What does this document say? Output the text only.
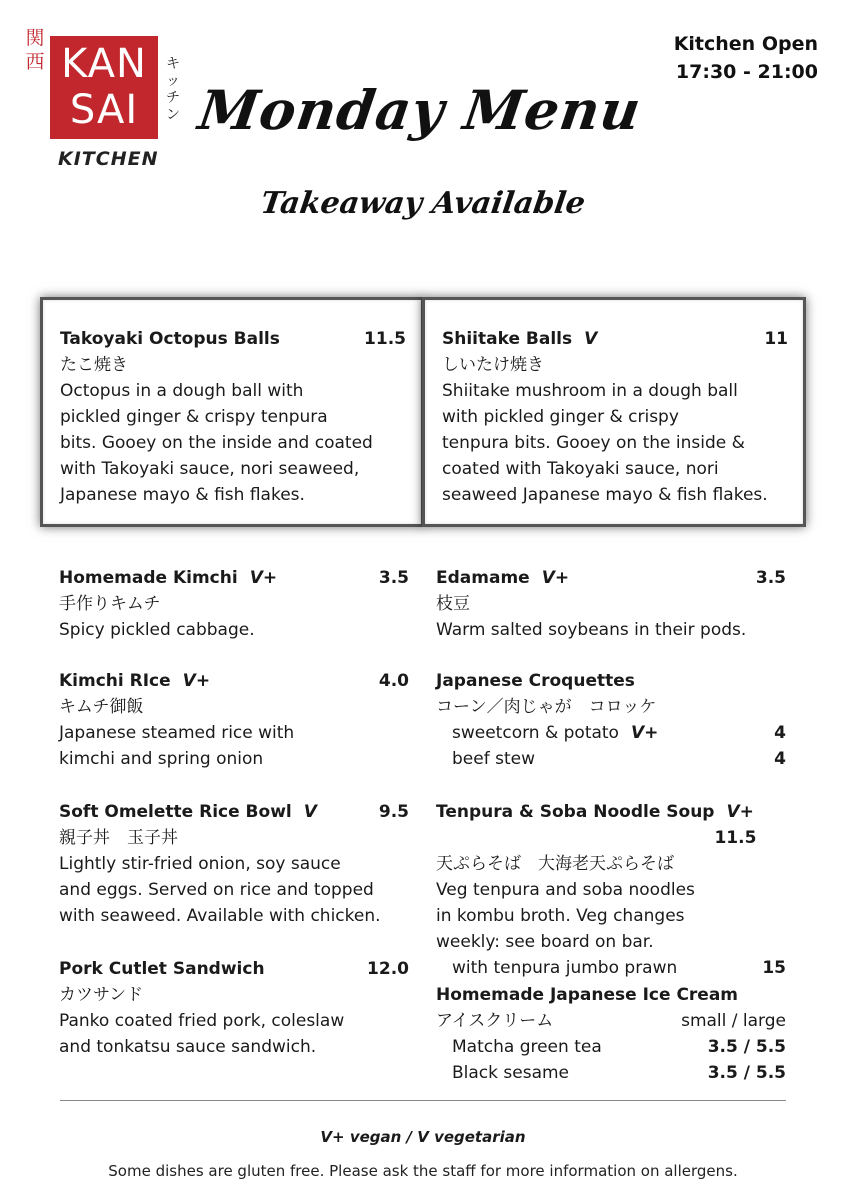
関
西 KAN
SAI
キ
ッ
チ
ン
KITCHEN
Monday Menu
Takeaway Available
Kitchen Open
17:30 - 21:00
Takoyaki Octopus Balls	11.5
たこ焼き
Octopus in a dough ball with
pickled ginger & crispy tenpura
bits. Gooey on the inside and coated
with Takoyaki sauce, nori seaweed,
Japanese mayo & fish flakes.
Shiitake Balls V	11
しいたけ焼き
Shiitake mushroom in a dough ball
with pickled ginger & crispy
tenpura bits. Gooey on the inside &
coated with Takoyaki sauce, nori
seaweed Japanese mayo & fish flakes.
Homemade Kimchi V+	3.5
手作りキムチ
Spicy pickled cabbage.
Kimchi RIce V+	4.0
キムチ御飯
Japanese steamed rice with
kimchi and spring onion
Soft Omelette Rice Bowl V	9.5
親子丼　玉子丼
Lightly stir-fried onion, soy sauce
and eggs. Served on rice and topped
with seaweed. Available with chicken.
Pork Cutlet Sandwich	12.0
カツサンド
Panko coated fried pork, coleslaw
and tonkatsu sauce sandwich.
Edamame V+	3.5
枝豆
Warm salted soybeans in their pods.
Japanese Croquettes
コーン／肉じゃが　コロッケ
sweetcorn & potato V+	4
beef stew	4
Tenpura & Soba Noodle Soup V+  11.5
天ぷらそば　大海老天ぷらそば
Veg tenpura and soba noodles
in kombu broth. Veg changes
weekly: see board on bar.
with tenpura jumbo prawn	15
Homemade Japanese Ice Cream
アイスクリーム	small / large
Matcha green tea	3.5 / 5.5
Black sesame	3.5 / 5.5
V+ vegan / V vegetarian
Some dishes are gluten free. Please ask the staff for more information on allergens.
